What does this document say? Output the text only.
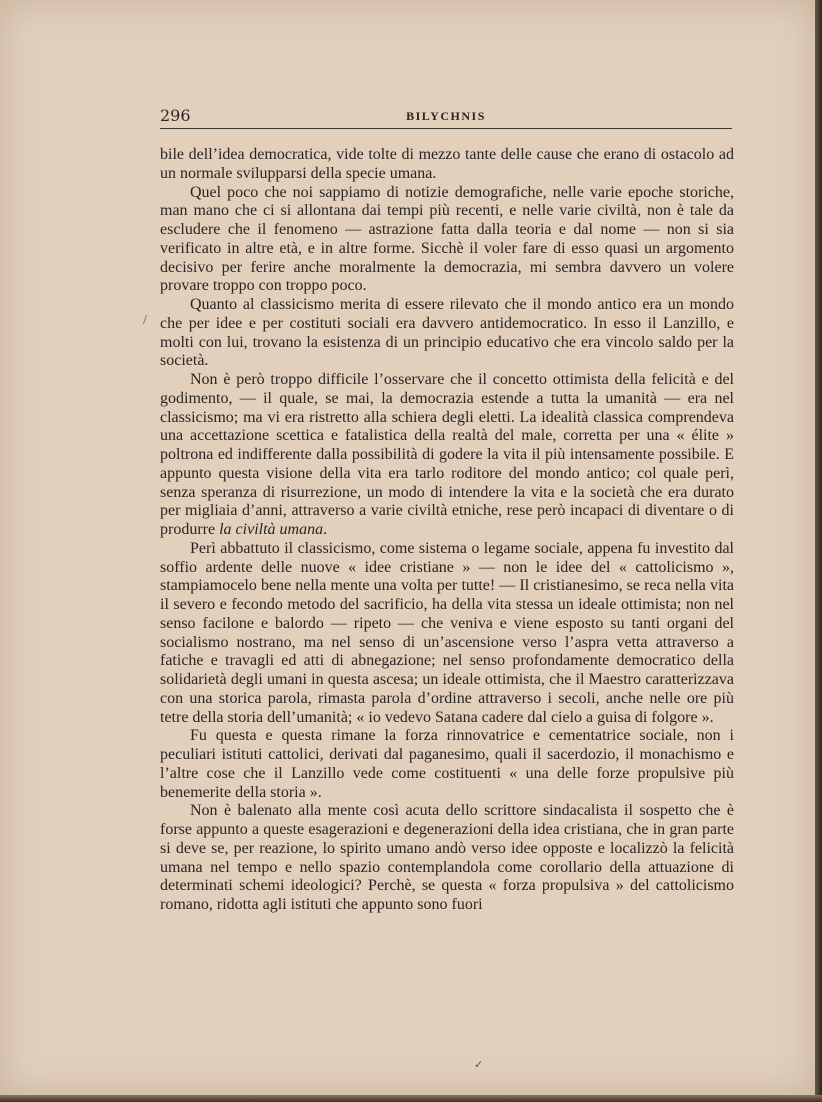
296	BILYCHNIS

bile dell’idea democratica, vide tolte di mezzo tante delle cause che erano di ostacolo ad un normale svilupparsi della specie umana.

Quel poco che noi sappiamo di notizie demografiche, nelle varie epoche storiche, man mano che ci si allontana dai tempi più recenti, e nelle varie civiltà, non è tale da escludere che il fenomeno — astrazione fatta dalla teoria e dal nome — non si sia verificato in altre età, e in altre forme. Sicchè il voler fare di esso quasi un argomento decisivo per ferire anche moralmente la democrazia, mi sembra davvero un volere provare troppo con troppo poco.

Quanto al classicismo merita di essere rilevato che il mondo antico era un mondo che per idee e per costituti sociali era davvero antidemocratico. In esso il Lanzillo, e molti con lui, trovano la esistenza di un principio educativo che era vincolo saldo per la società.

Non è però troppo difficile l’osservare che il concetto ottimista della felicità e del godimento, — il quale, se mai, la democrazia estende a tutta la umanità — era nel classicismo; ma vi era ristretto alla schiera degli eletti. La idealità classica comprendeva una accettazione scettica e fatalistica della realtà del male, corretta per una « élite » poltrona ed indifferente dalla possibilità di godere la vita il più intensamente possibile. E appunto questa visione della vita era tarlo roditore del mondo antico; col quale perì, senza speranza di risurrezione, un modo di intendere la vita e la società che era durato per migliaia d’anni, attraverso a varie civiltà etniche, rese però incapaci di diventare o di produrre la civiltà umana.

Perì abbattuto il classicismo, come sistema o legame sociale, appena fu investito dal soffio ardente delle nuove « idee cristiane » — non le idee del « cattolicismo », stampiamocelo bene nella mente una volta per tutte! — Il cristianesimo, se reca nella vita il severo e fecondo metodo del sacrificio, ha della vita stessa un ideale ottimista; non nel senso facilone e balordo — ripeto — che veniva e viene esposto su tanti organi del socialismo nostrano, ma nel senso di un’ascensione verso l’aspra vetta attraverso a fatiche e travagli ed atti di abnegazione; nel senso profondamente democratico della solidarietà degli umani in questa ascesa; un ideale ottimista, che il Maestro caratterizzava con una storica parola, rimasta parola d’ordine attraverso i secoli, anche nelle ore più tetre della storia dell’umanità; « io vedevo Satana cadere dal cielo a guisa di folgore ».

Fu questa e questa rimane la forza rinnovatrice e cementatrice sociale, non i peculiari istituti cattolici, derivati dal paganesimo, quali il sacerdozio, il monachismo e l’altre cose che il Lanzillo vede come costituenti « una delle forze propulsive più benemerite della storia ».

Non è balenato alla mente così acuta dello scrittore sindacalista il sospetto che è forse appunto a queste esagerazioni e degenerazioni della idea cristiana, che in gran parte si deve se, per reazione, lo spirito umano andò verso idee opposte e localizzò la felicità umana nel tempo e nello spazio contemplandola come corollario della attuazione di determinati schemi ideologici? Perchè, se questa « forza propulsiva » del cattolicismo romano, ridotta agli istituti che appunto sono fuori

/
✓
